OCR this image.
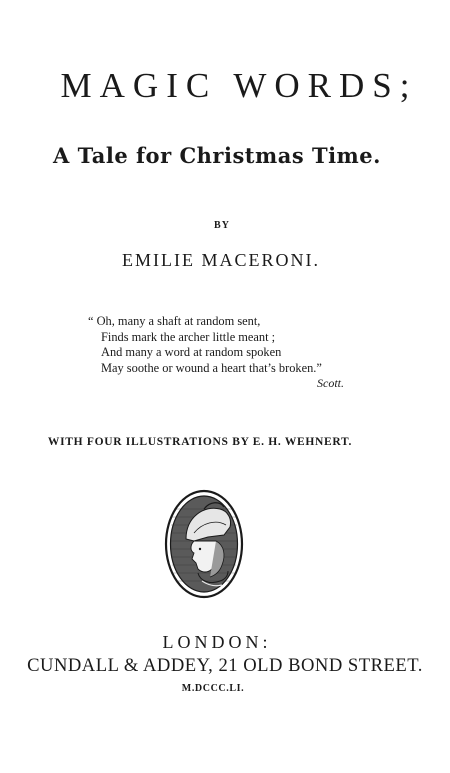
MAGIC WORDS;
A Tale for Christmas Time.
BY
EMILIE MACERONI.
“ Oh, many a shaft at random sent,
Finds mark the archer little meant ;
And many a word at random spoken
May soothe or wound a heart that’s broken.”
Scott.
WITH FOUR ILLUSTRATIONS BY E. H. WEHNERT.
LONDON:
CUNDALL & ADDEY, 21 OLD BOND STREET.
M.DCCC.LI.
